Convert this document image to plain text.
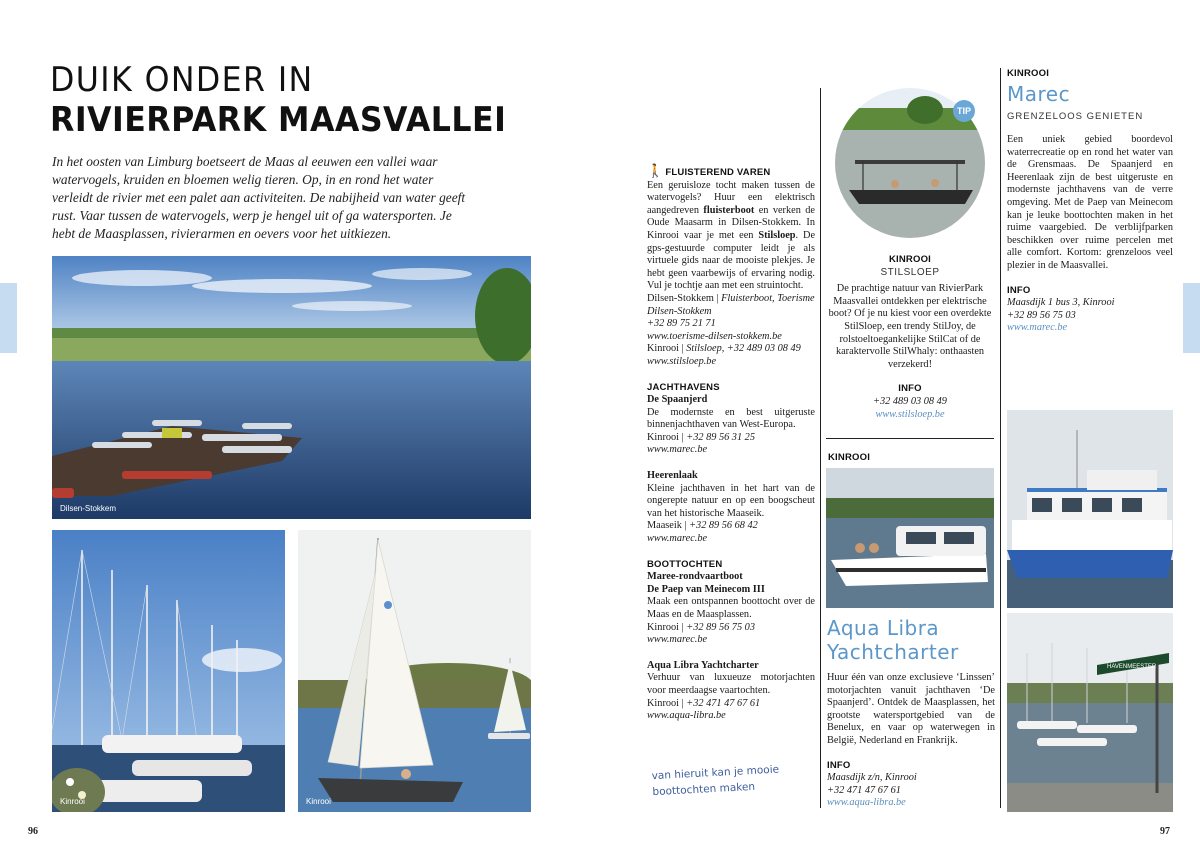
DUIK ONDER IN
RIVIERPARK MAASVALLEI
In het oosten van Limburg boetseert de Maas al eeuwen een vallei waar watervogels, kruiden en bloemen welig tieren. Op, in en rond het water verleidt de rivier met een palet aan activiteiten. De nabijheid van water geeft rust. Vaar tussen de watervogels, werp je hengel uit of ga watersporten. Je hebt de Maasplassen, rivierarmen en oevers voor het uitkiezen.
Dilsen-Stokkem
Kinrooi	Kinrooi
96	97
🚶 FLUISTEREND VAREN

Een geruisloze tocht maken tussen de watervogels? Huur een elektrisch aangedreven fluisterboot en verken de Oude Maasarm in Dilsen-Stokkem. In Kinrooi vaar je met een Stilsloep. De gps-gestuurde computer leidt je als virtuele gids naar de mooiste plekjes. Je hebt geen vaarbewijs of ervaring nodig. Vul je tochtje aan met een struintocht.

Dilsen-Stokkem | Fluisterboot, Toerisme Dilsen-Stokkem

+32 89 75 21 71

www.toerisme-dilsen-stokkem.be

Kinrooi | Stilsloep, +32 489 03 08 49

www.stilsloep.be

JACHTHAVENS

De Spaanjerd

De modernste en best uitgeruste binnenjachthaven van West-Europa.

Kinrooi | +32 89 56 31 25

www.marec.be

Heerenlaak

Kleine jachthaven in het hart van de ongerepte natuur en op een boogscheut van het historische Maaseik.

Maaseik | +32 89 56 68 42

www.marec.be

BOOTTOCHTEN

Maree-rondvaartboot

De Paep van Meinecom III

Maak een ontspannen boottocht over de Maas en de Maasplassen.

Kinrooi | +32 89 56 75 03

www.marec.be

Aqua Libra Yachtcharter

Verhuur van luxueuze motorjachten voor meerdaagse vaartochten.

Kinrooi | +32 471 47 67 61

www.aqua-libra.be

van hieruit kan je mooie boottochten maken
TIP
KINROOI
STILSLOEP

De prachtige natuur van RivierPark Maasvallei ontdekken per elektrische boot? Of je nu kiest voor een overdekte StilSloep, een trendy StilJoy, de rolstoeltoegankelijke StilCat of de karaktervolle StilWhaly: onthaasten verzekerd!

INFO

+32 489 03 08 49

www.stilsloep.be

KINROOI
Aqua Libra Yachtcharter

Huur één van onze exclusieve ‘Linssen’ motorjachten vanuit jachthaven ‘De Spaanjerd’. Ontdek de Maasplassen, het grootste watersportgebied van de Benelux, en vaar op waterwegen in België, Nederland en Frankrijk.

INFO

Maasdijk z/n, Kinrooi

+32 471 47 67 61

www.aqua-libra.be

KINROOI
Marec
GRENZELOOS GENIETEN

Een uniek gebied boordevol waterrecreatie op en rond het water van de Grensmaas. De Spaanjerd en Heerenlaak zijn de best uitgeruste en modernste jachthavens van de verre omgeving. Met de Paep van Meinecom kan je leuke boottochten maken in het ruime vaargebied. De verblijfparken beschikken over ruime percelen met alle comfort. Kortom: grenzeloos veel plezier in de Maasvallei.

INFO

Maasdijk 1 bus 3, Kinrooi

+32 89 56 75 03

www.marec.be

HAVENMEESTER
